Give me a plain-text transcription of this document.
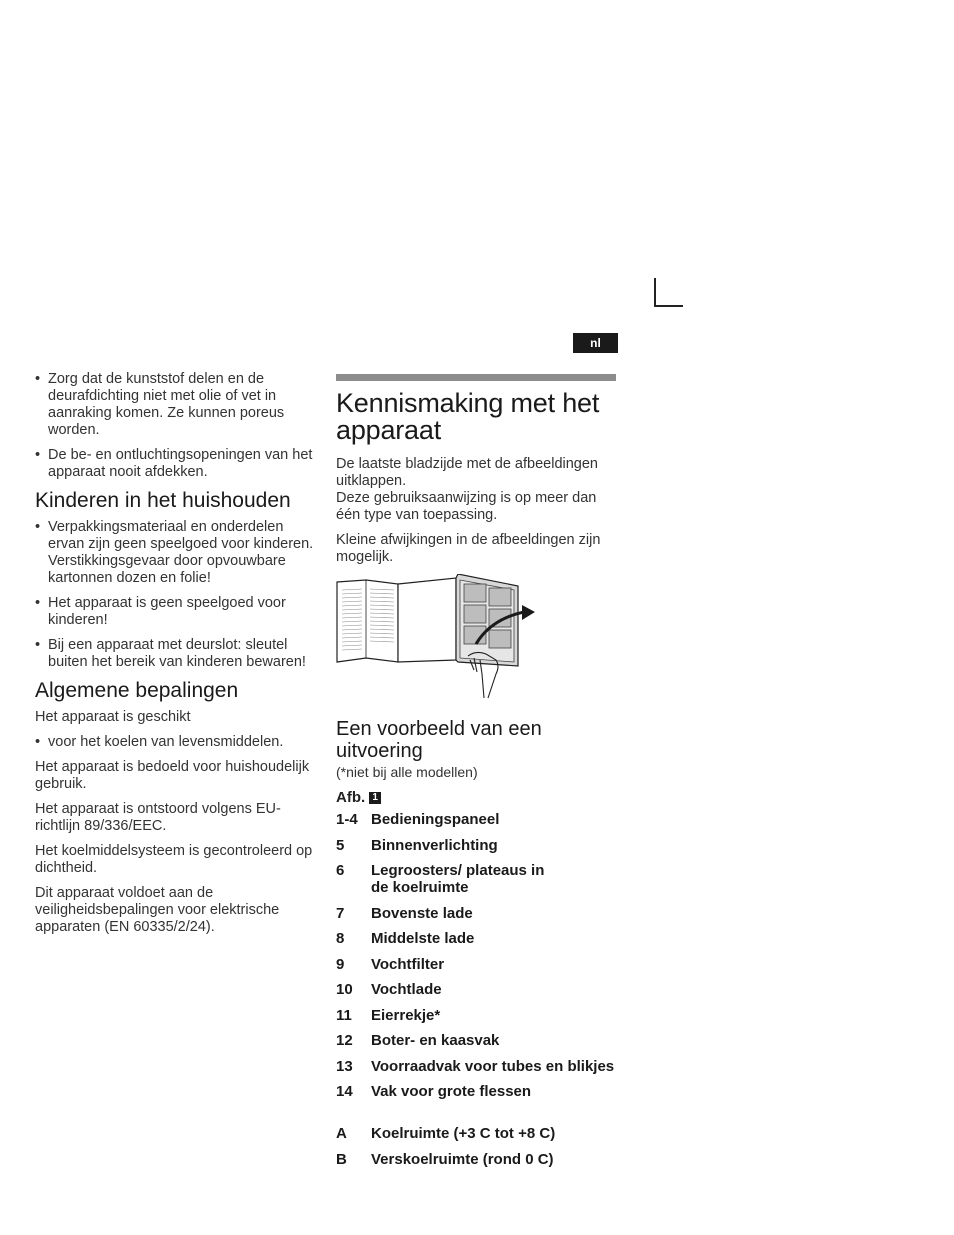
nl
• Zorg dat de kunststof delen en de deurafdichting niet met olie of vet in aanraking komen. Ze kunnen poreus worden.
• De be- en ontluchtingsopeningen van het apparaat nooit afdekken.
Kinderen in het huishouden
• Verpakkingsmateriaal en onderdelen ervan zijn geen speelgoed voor kinderen. Verstikkingsgevaar door opvouwbare kartonnen dozen en folie!
• Het apparaat is geen speelgoed voor kinderen!
• Bij een apparaat met deurslot: sleutel buiten het bereik van kinderen bewaren!
Algemene bepalingen

Het apparaat is geschikt

• voor het koelen van levensmiddelen.

Het apparaat is bedoeld voor huishoudelijk gebruik.

Het apparaat is ontstoord volgens EU-richtlijn 89/336/EEC.

Het koelmiddelsysteem is gecontroleerd op dichtheid.

Dit apparaat voldoet aan de veiligheidsbepalingen voor elektrische apparaten (EN 60335/2/24).

Kennismaking met het apparaat

De laatste bladzijde met de afbeeldingen uitklappen.

Deze gebruiksaanwijzing is op meer dan één type van toepassing.

Kleine afwijkingen in de afbeeldingen zijn mogelijk.

Een voorbeeld van een uitvoering
(*niet bij alle modellen)
Afb. 1
1-4 Bedieningspaneel
5	Binnenverlichting
6	Legroosters/ plateaus in de koelruimte
7	Bovenste lade
8	Middelste lade
9	Vochtfilter
10	Vochtlade
11	Eierrekje*
12	Boter- en kaasvak
13	Voorraadvak voor tubes en blikjes
14	Vak voor grote flessen
A	Koelruimte (+3 C tot +8 C)
B	Verskoelruimte (rond 0 C)
